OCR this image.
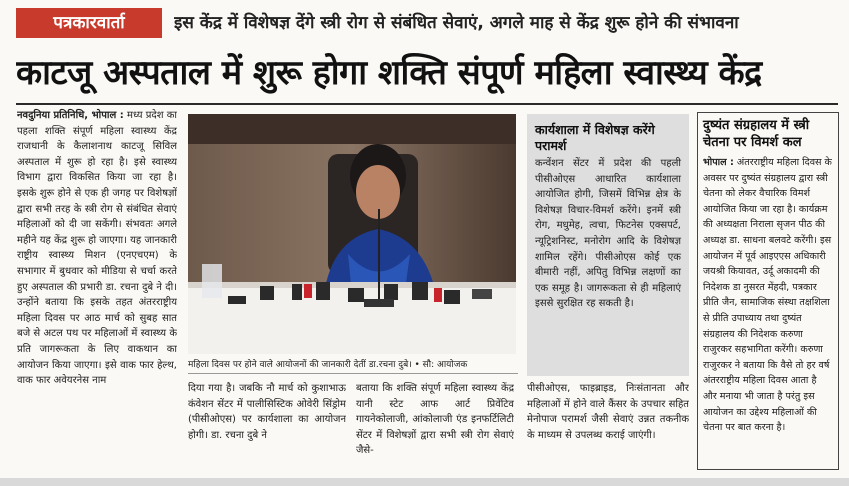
पत्रकारवार्ता	इस केंद्र में विशेषज्ञ देंगे स्त्री रोग से संबंधित सेवाएं, अगले माह से केंद्र शुरू होने की संभावना
काटजू अस्पताल में शुरू होगा शक्ति संपूर्ण महिला स्वास्थ्य केंद्र
नवदुनिया प्रतिनिधि, भोपाल : मध्य प्रदेश का पहला शक्ति संपूर्ण महिला स्वास्थ्य केंद्र राजधानी के कैलाशनाथ काटजू सिविल अस्पताल में शुरू हो रहा है। इसे स्वास्थ्य विभाग द्वारा विकसित किया जा रहा है। इसके शुरू होने से एक ही जगह पर विशेषज्ञों द्वारा सभी तरह के स्त्री रोग से संबंधित सेवाएं महिलाओं को दी जा सकेंगी। संभवतः अगले महीने यह केंद्र शुरू हो जाएगा। यह जानकारी राष्ट्रीय स्वास्थ्य मिशन (एनएचएम) के सभागार में बुधवार को मीडिया से चर्चा करते हुए अस्पताल की प्रभारी डा. रचना दुबे ने दी। उन्होंने बताया कि इसके तहत अंतरराष्ट्रीय महिला दिवस पर आठ मार्च को सुबह सात बजे से अटल पथ पर महिलाओं में स्वास्थ्य के प्रति जागरूकता के लिए वाकथान का आयोजन किया जाएगा। इसे वाक फार हेल्थ, वाक फार अवेयरनेस नाम
महिला दिवस पर होने वाले आयोजनों की जानकारी देतीं डा.रचना दुबे। • सौ: आयोजक
दिया गया है। जबकि नौ मार्च को कुशाभाऊ कंवेशन सेंटर में पालीसिस्टिक ओवेरी सिंड्रोम (पीसीओएस) पर कार्यशाला का आयोजन होगी। डा. रचना दुबे ने
बताया कि शक्ति संपूर्ण महिला स्वास्थ्य केंद्र यानी स्टेट आफ आर्ट प्रिवेंटिव गायनेकोलाजी, आंकोलाजी एंड इनफर्टिलिटी सेंटर में विशेषज्ञों द्वारा सभी स्त्री रोग सेवाएं जैसे-
पीसीओएस, फाइब्राइड, निःसंतानता और महिलाओं में होने वाले कैंसर के उपचार सहित मेनोपाज परामर्श जैसी सेवाएं उन्नत तकनीक के माध्यम से उपलब्ध कराई जाएंगी।
कार्यशाला में विशेषज्ञ करेंगे परामर्श

कन्वेंशन सेंटर में प्रदेश की पहली पीसीओएस आधारित कार्यशाला आयोजित होगी, जिसमें विभिन्न क्षेत्र के विशेषज्ञ विचार-विमर्श करेंगे। इनमें स्त्री रोग, मधुमेह, त्वचा, फिटनेस एक्सपर्ट, न्यूट्रिशनिस्ट, मनोरोग आदि के विशेषज्ञ शामिल रहेंगे। पीसीओएस कोई एक बीमारी नहीं, अपितु विभिन्न लक्षणों का एक समूह है। जागरूकता से ही महिलाएं इससे सुरक्षित रह सकती है।

दुष्यंत संग्रहालय में स्त्री चेतना पर विमर्श कल

भोपाल : अंतरराष्ट्रीय महिला दिवस के अवसर पर दुष्यंत संग्रहालय द्वारा स्त्री चेतना को लेकर वैचारिक विमर्श आयोजित किया जा रहा है। कार्यक्रम की अध्यक्षता निराला सृजन पीठ की अध्यक्ष डा. साधना बलवटे करेंगी। इस आयोजन में पूर्व आइएएस अधिकारी जयश्री कियावत, उर्दू अकादमी की निदेशक डा नुसरत मेंहदी, पत्रकार प्रीति जैन, सामाजिक संस्था तक्षशिला से प्रीति उपाध्याय तथा दुष्यंत संग्रहालय की निदेशक करुणा राजुरकर सहभागिता करेंगी। करुणा राजुरकर ने बताया कि वैसे तो हर वर्ष अंतरराष्ट्रीय महिला दिवस आता है और मनाया भी जाता है परंतु इस आयोजन का उद्देश्य महिलाओं की चेतना पर बात करना है।
